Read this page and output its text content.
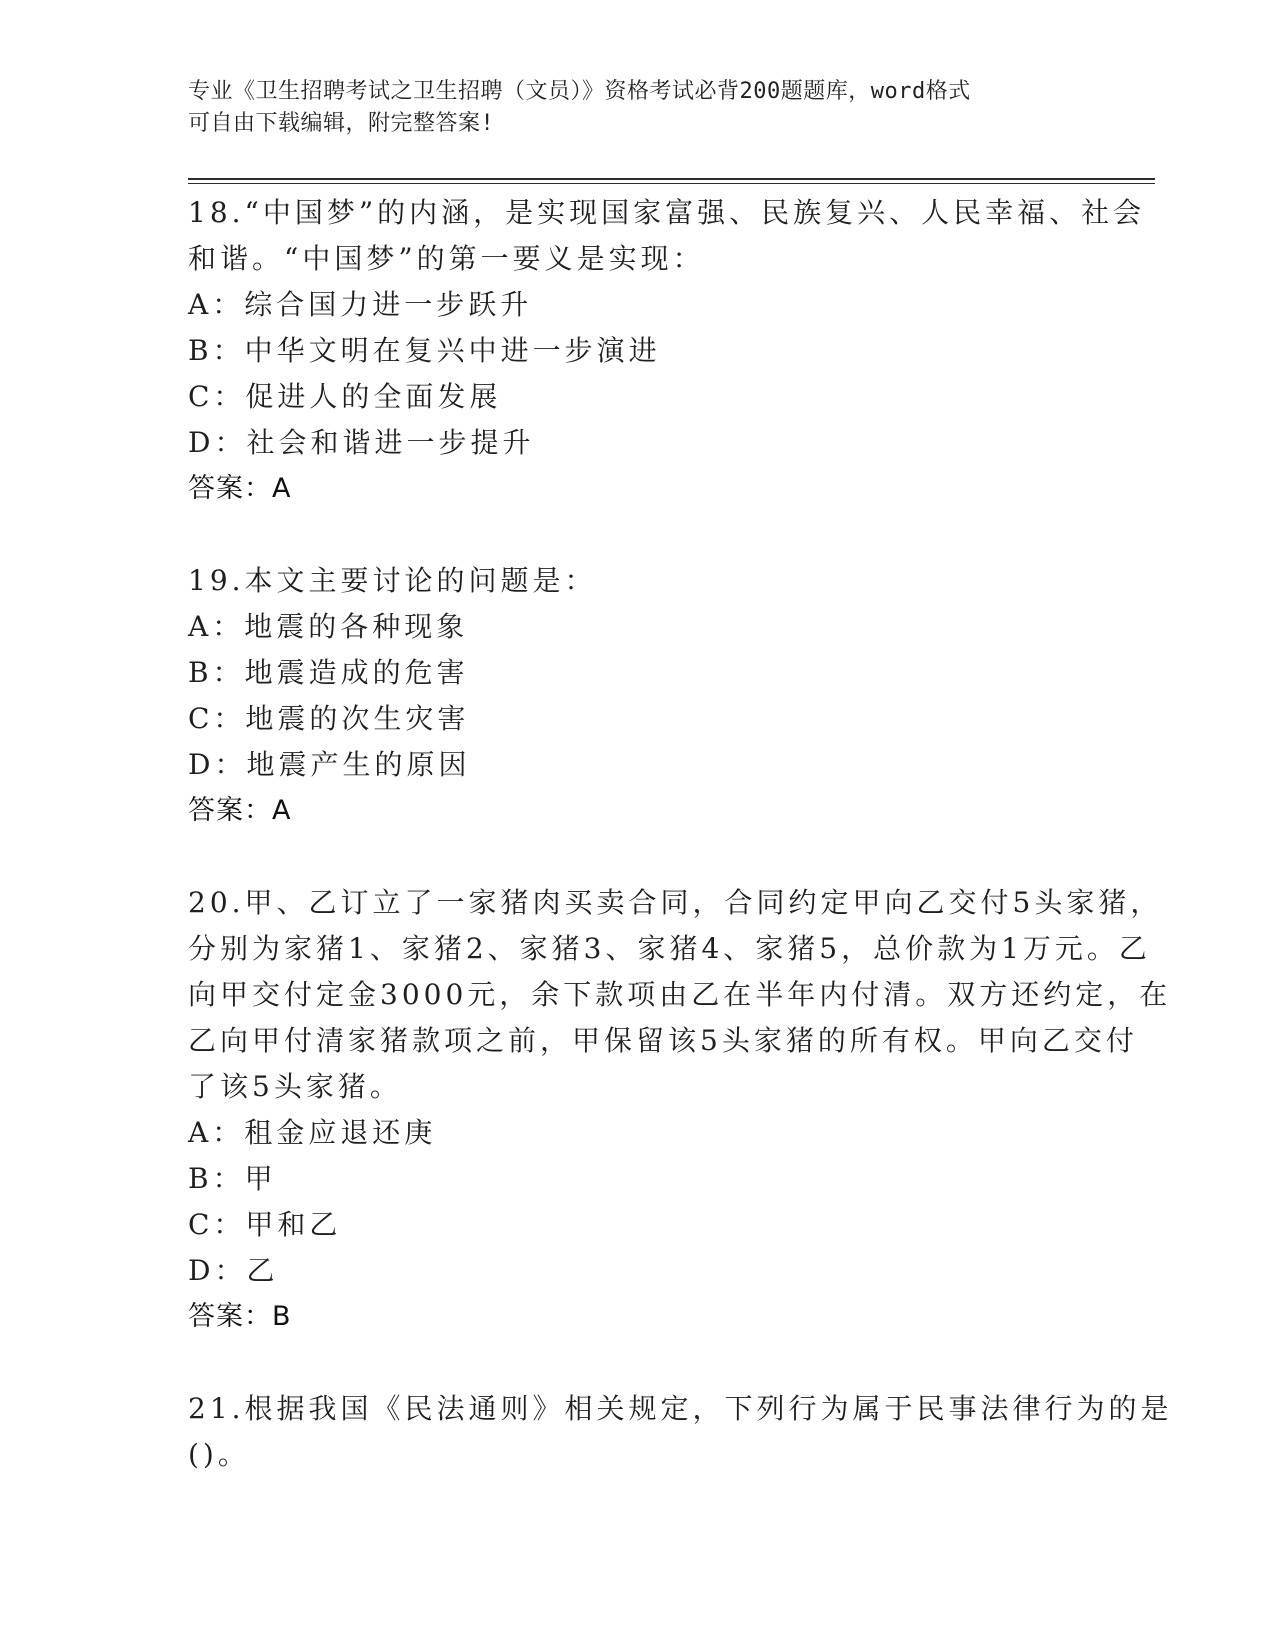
专业《卫生招聘考试之卫生招聘（文员）》资格考试必背200题题库，word格式
可自由下载编辑，附完整答案!
18.“中国梦”的内涵，是实现国家富强、民族复兴、人民幸福、社会
和谐。“中国梦”的第一要义是实现：
A：综合国力进一步跃升
B：中华文明在复兴中进一步演进
C：促进人的全面发展
D：社会和谐进一步提升
答案：A
19.本文主要讨论的问题是：
A：地震的各种现象
B：地震造成的危害
C：地震的次生灾害
D：地震产生的原因
答案：A
20.甲、乙订立了一家猪肉买卖合同，合同约定甲向乙交付5头家猪，
分别为家猪1、家猪2、家猪3、家猪4、家猪5，总价款为1万元。乙
向甲交付定金3000元，余下款项由乙在半年内付清。双方还约定，在
乙向甲付清家猪款项之前，甲保留该5头家猪的所有权。甲向乙交付
了该5头家猪。
A：租金应退还庚
B：甲
C：甲和乙
D：乙
答案：B
21.根据我国《民法通则》相关规定，下列行为属于民事法律行为的是
()。
